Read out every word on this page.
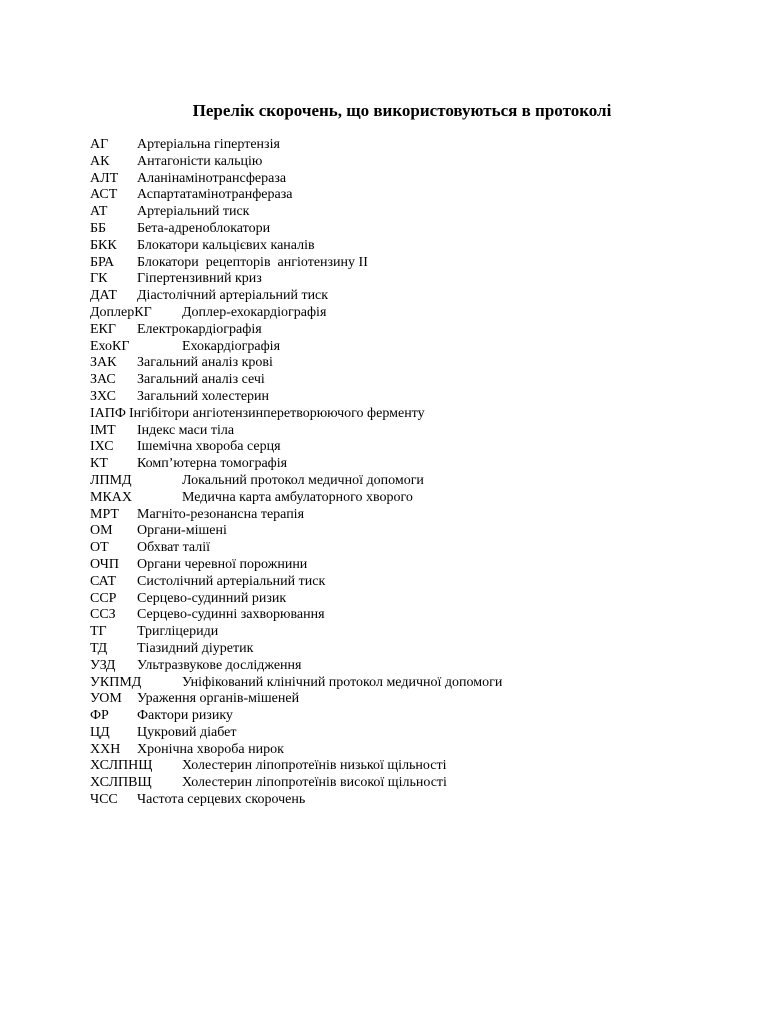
Перелік скорочень, що використовуються в протоколі
АГ Артеріальна гіпертензія
АК Антагоністи кальцію
АЛТ Аланінамінотрансфераза
АСТ Аспартатамінотранфераза
АТ Артеріальний тиск
ББ Бета-адреноблокатори
БКК Блокатори кальцієвих каналів
БРА Блокатори  рецепторів  ангіотензину ІІ
ГК Гіпертензивний криз
ДАТ Діастолічний артеріальний тиск
ДоплерКГ Доплер-ехокардіографія
ЕКГ Електрокардіографія
ЕхоКГ	Ехокардіографія
ЗАК Загальний аналіз крові
ЗАС Загальний аналіз сечі
ЗХС Загальний холестерин
ІАПФ Інгібітори ангіотензинперетворюючого ферменту
ІМТ Індекс маси тіла
ІХС Ішемічна хвороба серця
КТ Комп’ютерна томографія
ЛПМД	Локальний протокол медичної допомоги
МКАХ	Медична карта амбулаторного хворого
МРТ Магніто-резонансна терапія
ОМ Органи-мішені
ОТ Обхват талії
ОЧП Органи черевної порожнини
САТ Систолічний артеріальний тиск
ССР Серцево-судинний ризик
ССЗ Серцево-судинні захворювання
ТГ Тригліцериди
ТД Тіазидний діуретик
УЗД Ультразвукове дослідження
УКПМД	Уніфікований клінічний протокол медичної допомоги
УОМ Ураження органів-мішеней
ФР Фактори ризику
ЦД Цукровий діабет
ХХН Хронічна хвороба нирок
ХСЛПНЩ Холестерин ліпопротеїнів низької щільності
ХСЛПВЩ Холестерин ліпопротеїнів високої щільності
ЧСС Частота серцевих скорочень
